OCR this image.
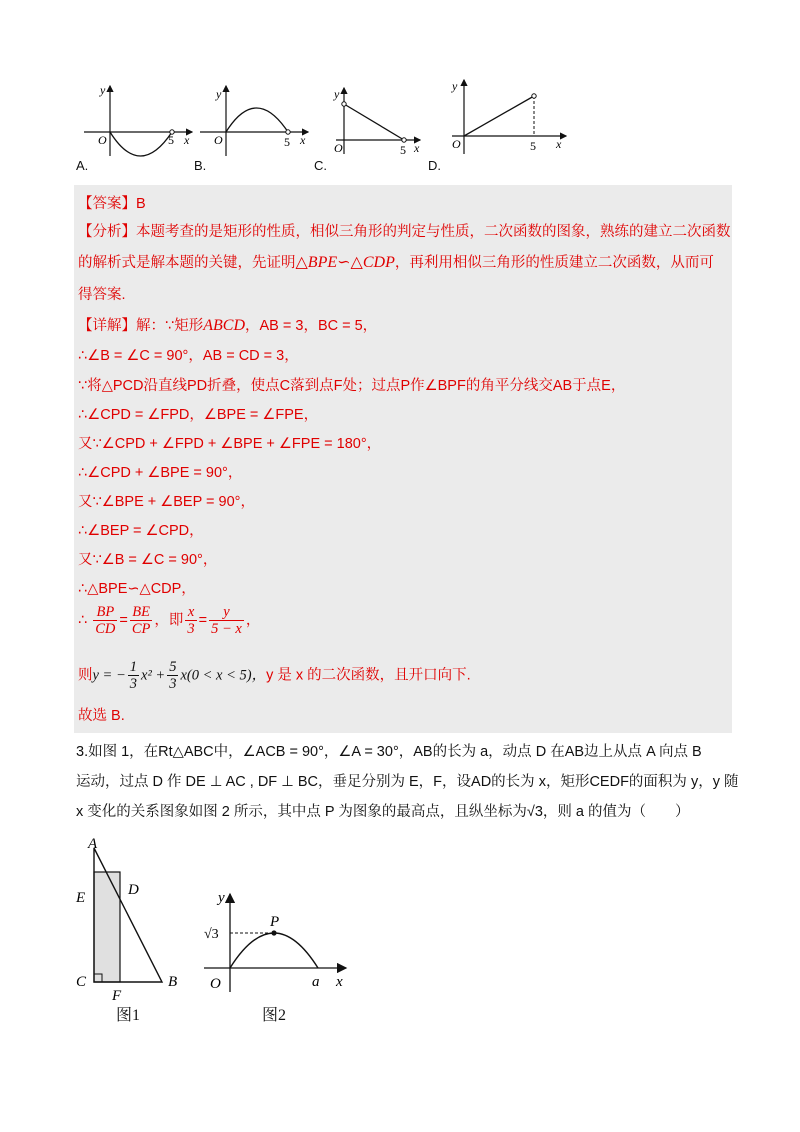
y
x
O	5
A.
y
x
O	5
B.
y
x
O	5
C.
y
x
O	5
D.
【答案】B
【分析】本题考查的是矩形的性质，相似三角形的判定与性质，二次函数的图象，熟练的建立二次函数
的解析式是解本题的关键，先证明△BPE∽△CDP，再利用相似三角形的性质建立二次函数，从而可
得答案.
【详解】解：∵矩形ABCD，AB = 3，BC = 5，
∴∠B = ∠C = 90°，AB = CD = 3，
∵将△PCD沿直线PD折叠，使点C落到点F处；过点P作∠BPF的角平分线交AB于点E，
∴∠CPD = ∠FPD，∠BPE = ∠FPE，
又∵∠CPD + ∠FPD + ∠BPE + ∠FPE = 180°，
∴∠CPD + ∠BPE = 90°，
又∵∠BPE + ∠BEP = 90°，
∴∠BEP = ∠CPD，
又∵∠B = ∠C = 90°，
∴△BPE∽△CDP，
∴ $\frac{BP}{CD} = \frac{BE}{CP}$ ，即 $\frac{x}{3} = \frac{y}{5 - x}$ ，
则y = − $\frac{1}{3} x^2 + \frac{5}{3} x(0 < x < 5)$，y 是 x 的二次函数，且开口向下.
故选 B.
3.如图 1，在Rt△ABC中，∠ACB = 90°，∠A = 30°，AB的长为 a，动点 D 在AB边上从点 A 向点 B
运动，过点 D 作 DE ⊥ AC , DF ⊥ BC，垂足分别为 E，F，设AD的长为 x，矩形CEDF的面积为 y，y 随
x 变化的关系图象如图 2 所示，其中点 P 为图象的最高点，且纵坐标为√3，则 a 的值为（　　）
A
E	D
C
F
B
图1
y
P
√3
O	a x
图2
